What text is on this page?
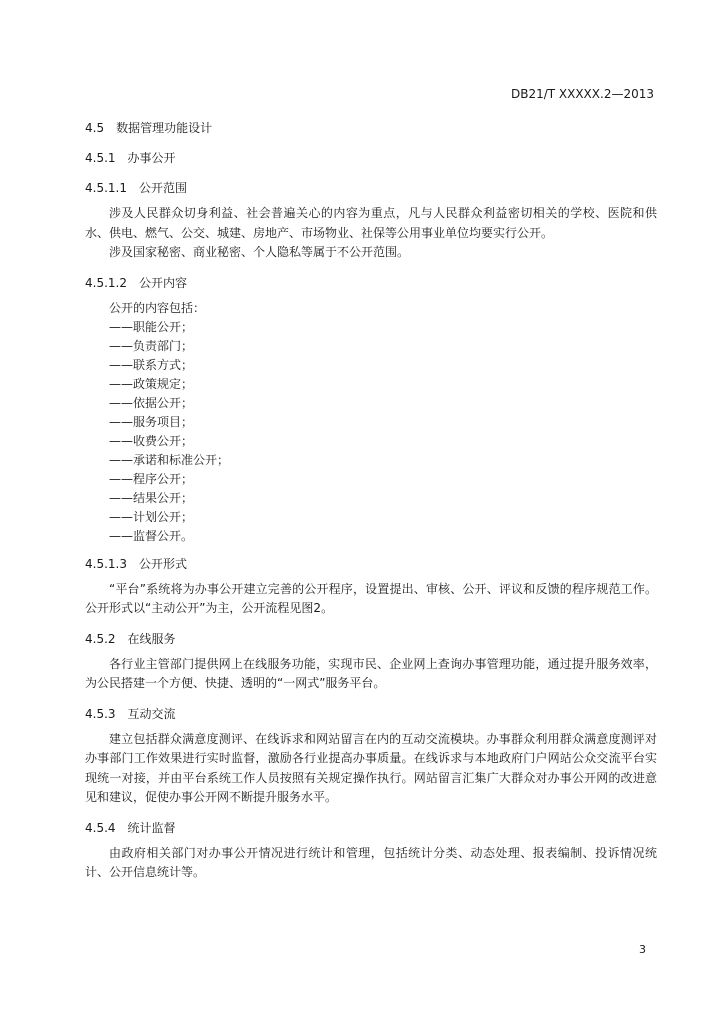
DB21/T XXXXX.2—2013
4.5 数据管理功能设计
4.5.1 办事公开
4.5.1.1 公开范围

涉及人民群众切身利益、社会普遍关心的内容为重点，凡与人民群众利益密切相关的学校、医院和供水、供电、燃气、公交、城建、房地产、市场物业、社保等公用事业单位均要实行公开。

涉及国家秘密、商业秘密、个人隐私等属于不公开范围。

4.5.1.2 公开内容

公开的内容包括：

——职能公开；
——负责部门；
——联系方式；
——政策规定；
——依据公开；
——服务项目；
——收费公开；
——承诺和标准公开；
——程序公开；
——结果公开；
——计划公开；
——监督公开。
4.5.1.3 公开形式

“平台”系统将为办事公开建立完善的公开程序，设置提出、审核、公开、评议和反馈的程序规范工作。公开形式以“主动公开”为主，公开流程见图2。

4.5.2 在线服务

各行业主管部门提供网上在线服务功能，实现市民、企业网上查询办事管理功能，通过提升服务效率，为公民搭建一个方便、快捷、透明的“一网式”服务平台。

4.5.3 互动交流

建立包括群众满意度测评、在线诉求和网站留言在内的互动交流模块。办事群众利用群众满意度测评对办事部门工作效果进行实时监督，激励各行业提高办事质量。在线诉求与本地政府门户网站公众交流平台实现统一对接，并由平台系统工作人员按照有关规定操作执行。网站留言汇集广大群众对办事公开网的改进意见和建议，促使办事公开网不断提升服务水平。

4.5.4 统计监督

由政府相关部门对办事公开情况进行统计和管理，包括统计分类、动态处理、报表编制、投诉情况统计、公开信息统计等。

3
